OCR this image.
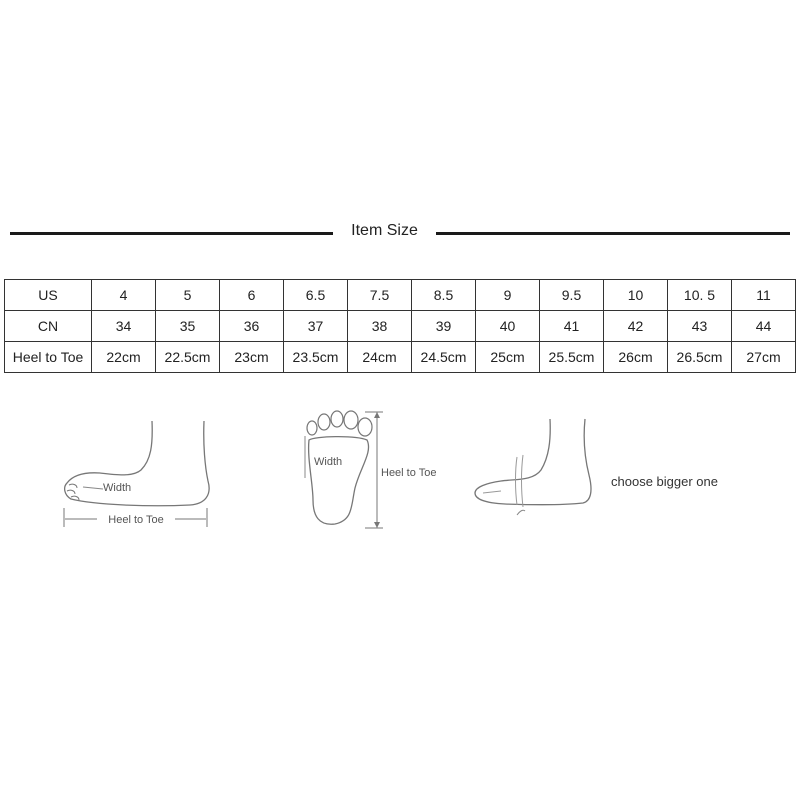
Item Size
US	4	5	6	6.5	7.5	8.5	9	9.5	10	10. 5	11
CN	34	35	36	37	38	39	40	41	42	43	44
Heel to Toe	22cm	22.5cm	23cm	23.5cm	24cm	24.5cm	25cm	25.5cm	26cm	26.5cm	27cm
Width
Heel to Toe
Width
Heel to Toe
choose bigger one
